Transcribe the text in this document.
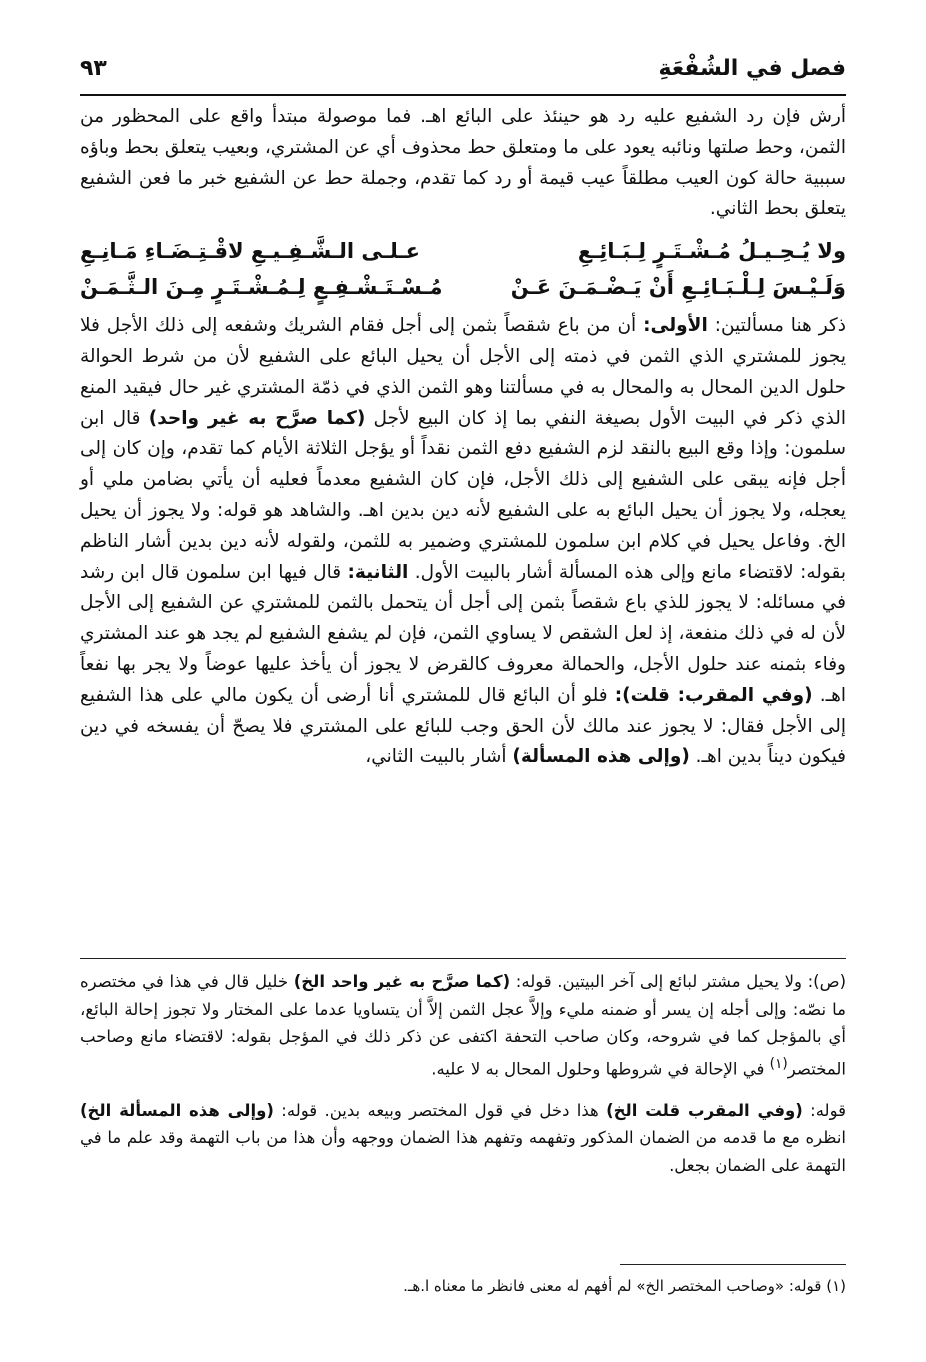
فصل في الشُفْعَةِ
٩٣

أرش فإن رد الشفيع عليه رد هو حينئذ على البائع اهـ. فما موصولة مبتدأ واقع على المحظور من الثمن، وحط صلتها ونائبه يعود على ما ومتعلق حط محذوف أي عن المشتري، وبعيب يتعلق بحط وباؤه سببية حالة كون العيب مطلقاً عيب قيمة أو رد كما تقدم، وجملة حط عن الشفيع خبر ما فعن الشفيع يتعلق بحط الثاني.

ولا يُـحِـيـلُ مُـشْـتَـرٍ لِـبَـائِـعِ
عـلـى الـشَّـفِـيـعِ لاقْـتِـضَـاءِ مَـانِـعِ
وَلَـيْـسَ لِـلْـبَـائِـعِ أَنْ يَـضْـمَـنَ عَـنْ
مُـسْـتَـشْـفِـعٍ لِـمُـشْـتَـرٍ مِـنَ الـثَّـمَـنْ

ذكر هنا مسألتين: الأولى: أن من باع شقصاً بثمن إلى أجل فقام الشريك وشفعه إلى ذلك الأجل فلا يجوز للمشتري الذي الثمن في ذمته إلى الأجل أن يحيل البائع على الشفيع لأن من شرط الحوالة حلول الدين المحال به والمحال به في مسألتنا وهو الثمن الذي في ذمّة المشتري غير حال فيقيد المنع الذي ذكر في البيت الأول بصيغة النفي بما إذ كان البيع لأجل (كما صرَّح به غير واحد) قال ابن سلمون: وإذا وقع البيع بالنقد لزم الشفيع دفع الثمن نقداً أو يؤجل الثلاثة الأيام كما تقدم، وإن كان إلى أجل فإنه يبقى على الشفيع إلى ذلك الأجل، فإن كان الشفيع معدماً فعليه أن يأتي بضامن ملي أو يعجله، ولا يجوز أن يحيل البائع به على الشفيع لأنه دين بدين اهـ. والشاهد هو قوله: ولا يجوز أن يحيل الخ. وفاعل يحيل في كلام ابن سلمون للمشتري وضمير به للثمن، ولقوله لأنه دين بدين أشار الناظم بقوله: لاقتضاء مانع وإلى هذه المسألة أشار بالبيت الأول. الثانية: قال فيها ابن سلمون قال ابن رشد في مسائله: لا يجوز للذي باع شقصاً بثمن إلى أجل أن يتحمل بالثمن للمشتري عن الشفيع إلى الأجل لأن له في ذلك منفعة، إذ لعل الشقص لا يساوي الثمن، فإن لم يشفع الشفيع لم يجد هو عند المشتري وفاء بثمنه عند حلول الأجل، والحمالة معروف كالقرض لا يجوز أن يأخذ عليها عوضاً ولا يجر بها نفعاً اهـ. (وفي المقرب: قلت): فلو أن البائع قال للمشتري أنا أرضى أن يكون مالي على هذا الشفيع إلى الأجل فقال: لا يجوز عند مالك لأن الحق وجب للبائع على المشتري فلا يصحّ أن يفسخه في دين فيكون ديناً بدين اهـ. (وإلى هذه المسألة) أشار بالبيت الثاني،

(ص): ولا يحيل مشتر لبائع إلى آخر البيتين. قوله: (كما صرَّح به غير واحد الخ) خليل قال في هذا في مختصره ما نصّه: وإلى أجله إن يسر أو ضمنه مليء وإلاَّ عجل الثمن إلاَّ أن يتساويا عدما على المختار ولا تجوز إحالة البائع، أي بالمؤجل كما في شروحه، وكان صاحب التحفة اكتفى عن ذكر ذلك في المؤجل بقوله: لاقتضاء مانع وصاحب المختصر$^{(١)}$ في الإحالة في شروطها وحلول المحال به لا عليه.

قوله: (وفي المقرب قلت الخ) هذا دخل في قول المختصر وبيعه بدين. قوله: (وإلى هذه المسألة الخ) انظره مع ما قدمه من الضمان المذكور وتفهمه وتفهم هذا الضمان ووجهه وأن هذا من باب التهمة وقد علم ما في التهمة على الضمان بجعل.

(١) قوله: «وصاحب المختصر الخ» لم أفهم له معنى فانظر ما معناه ا.هـ.
